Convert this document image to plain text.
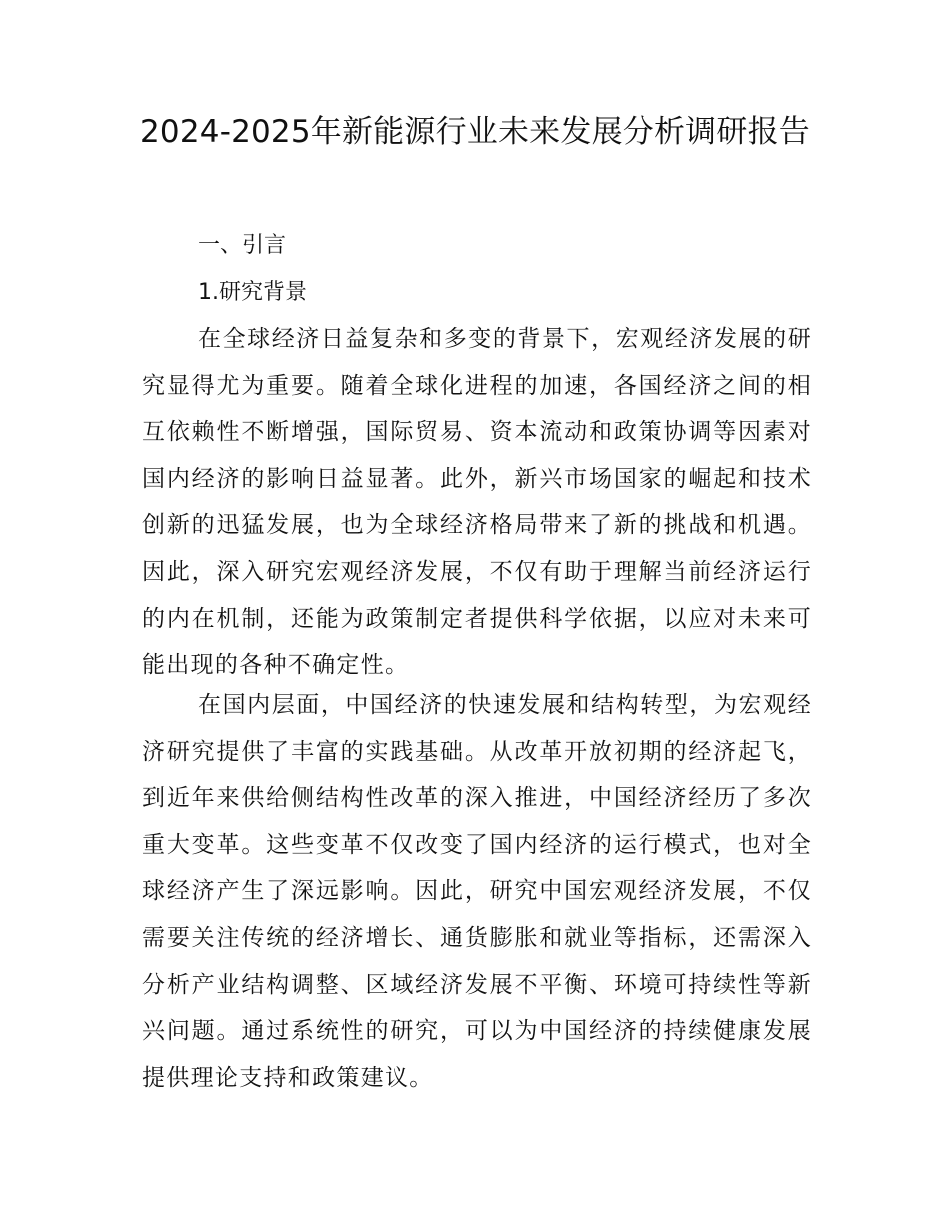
2024-2025年新能源行业未来发展分析调研报告
一、引言
1.研究背景

在全球经济日益复杂和多变的背景下，宏观经济发展的研究显得尤为重要。随着全球化进程的加速，各国经济之间的相互依赖性不断增强，国际贸易、资本流动和政策协调等因素对国内经济的影响日益显著。此外，新兴市场国家的崛起和技术创新的迅猛发展，也为全球经济格局带来了新的挑战和机遇。因此，深入研究宏观经济发展，不仅有助于理解当前经济运行的内在机制，还能为政策制定者提供科学依据，以应对未来可能出现的各种不确定性。

在国内层面，中国经济的快速发展和结构转型，为宏观经济研究提供了丰富的实践基础。从改革开放初期的经济起飞，到近年来供给侧结构性改革的深入推进，中国经济经历了多次重大变革。这些变革不仅改变了国内经济的运行模式，也对全球经济产生了深远影响。因此，研究中国宏观经济发展，不仅需要关注传统的经济增长、通货膨胀和就业等指标，还需深入分析产业结构调整、区域经济发展不平衡、环境可持续性等新兴问题。通过系统性的研究，可以为中国经济的持续健康发展提供理论支持和政策建议。
